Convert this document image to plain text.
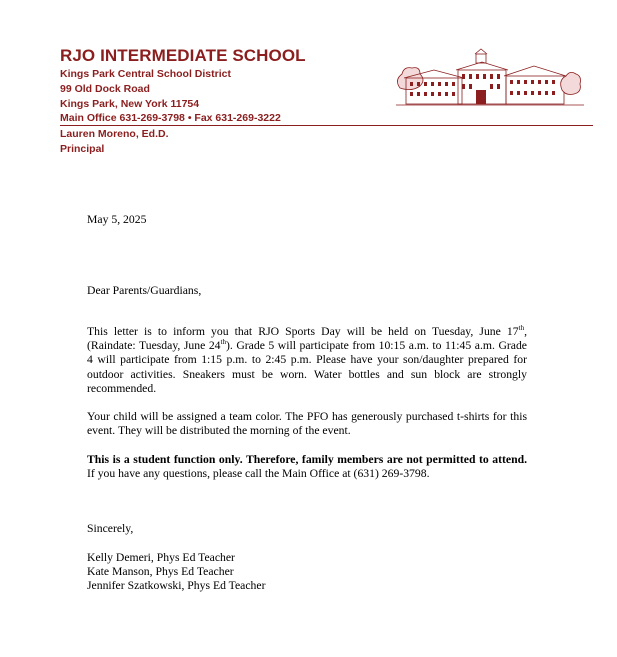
RJO INTERMEDIATE SCHOOL
Kings Park Central School District
99 Old Dock Road
Kings Park, New York 11754
Main Office 631-269-3798 • Fax 631-269-3222
Lauren Moreno, Ed.D.
Principal
May 5, 2025
Dear Parents/Guardians,
This letter is to inform you that RJO Sports Day will be held on Tuesday, June 17th, (Raindate: Tuesday, June 24th). Grade 5 will participate from 10:15 a.m. to 11:45 a.m. Grade 4 will participate from 1:15 p.m. to 2:45 p.m. Please have your son/daughter prepared for outdoor activities. Sneakers must be worn. Water bottles and sun block are strongly recommended.
Your child will be assigned a team color. The PFO has generously purchased t-shirts for this event. They will be distributed the morning of the event.
This is a student function only. Therefore, family members are not permitted to attend. If you have any questions, please call the Main Office at (631) 269-3798.
Sincerely,
Kelly Demeri, Phys Ed Teacher
Kate Manson, Phys Ed Teacher
Jennifer Szatkowski, Phys Ed Teacher
